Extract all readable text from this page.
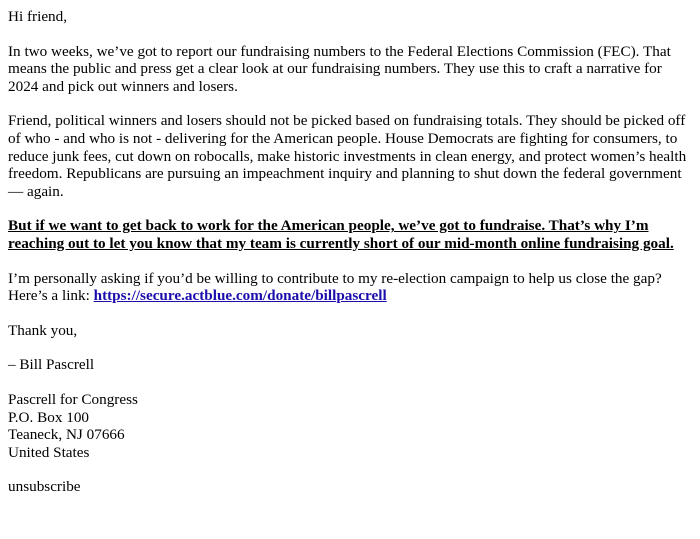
Hi friend,

In two weeks, we’ve got to report our fundraising numbers to the Federal Elections Commission (FEC). That means the public and press get a clear look at our fundraising numbers. They use this to craft a narrative for 2024 and pick out winners and losers.

Friend, political winners and losers should not be picked based on fundraising totals. They should be picked off of who - and who is not - delivering for the American people. House Democrats are fighting for consumers, to reduce junk fees, cut down on robocalls, make historic investments in clean energy, and protect women’s health freedom. Republicans are pursuing an impeachment inquiry and planning to shut down the federal government — again.

But if we want to get back to work for the American people, we’ve got to fundraise. That’s why I’m reaching out to let you know that my team is currently short of our mid-month online fundraising goal.

I’m personally asking if you’d be willing to contribute to my re-election campaign to help us close the gap? Here’s a link: https://secure.actblue.com/donate/billpascrell

Thank you,

– Bill Pascrell

Pascrell for Congress
P.O. Box 100
Teaneck, NJ 07666
United States

unsubscribe
